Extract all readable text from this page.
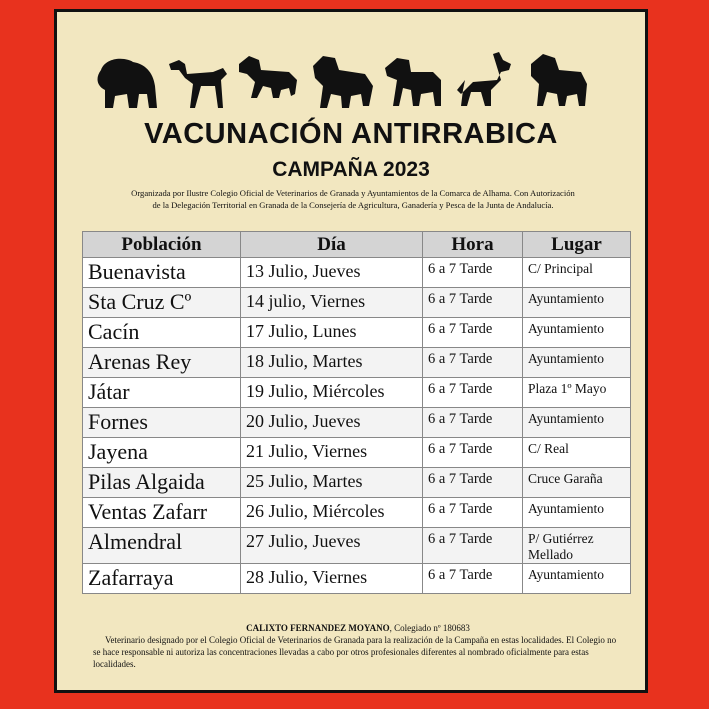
VACUNACIÓN ANTIRRABICA
CAMPAÑA 2023
Organizada por Ilustre Colegio Oficial de Veterinarios de Granada y Ayuntamientos de la Comarca de Alhama. Con Autorización
de la Delegación Territorial en Granada de la Consejería de Agricultura, Ganadería y Pesca de la Junta de Andalucía.
Población	Día	Hora	Lugar
Buenavista	13 Julio, Jueves	6 a 7 Tarde	C/ Principal
Sta Cruz Cº	14 julio, Viernes	6 a 7 Tarde	Ayuntamiento
Cacín	17 Julio, Lunes	6 a 7 Tarde	Ayuntamiento
Arenas Rey	18 Julio, Martes	6 a 7 Tarde	Ayuntamiento
Játar	19 Julio, Miércoles	6 a 7 Tarde	Plaza 1º Mayo
Fornes	20 Julio, Jueves	6 a 7 Tarde	Ayuntamiento
Jayena	21 Julio, Viernes	6 a 7 Tarde	C/ Real
Pilas Algaida	25 Julio, Martes	6 a 7 Tarde	Cruce Garaña
Ventas Zafarr	26 Julio, Miércoles	6 a 7 Tarde	Ayuntamiento
Almendral	27 Julio, Jueves	6 a 7 Tarde	P/ Gutiérrez Mellado
Zafarraya	28 Julio, Viernes	6 a 7 Tarde	Ayuntamiento
CALIXTO FERNANDEZ MOYANO, Colegiado nº 180683
Veterinario designado por el Colegio Oficial de Veterinarios de Granada para la realización de la Campaña en estas localidades. El Colegio no se hace responsable ni autoriza las concentraciones llevadas a cabo por otros profesionales diferentes al nombrado oficialmente para estas localidades.
